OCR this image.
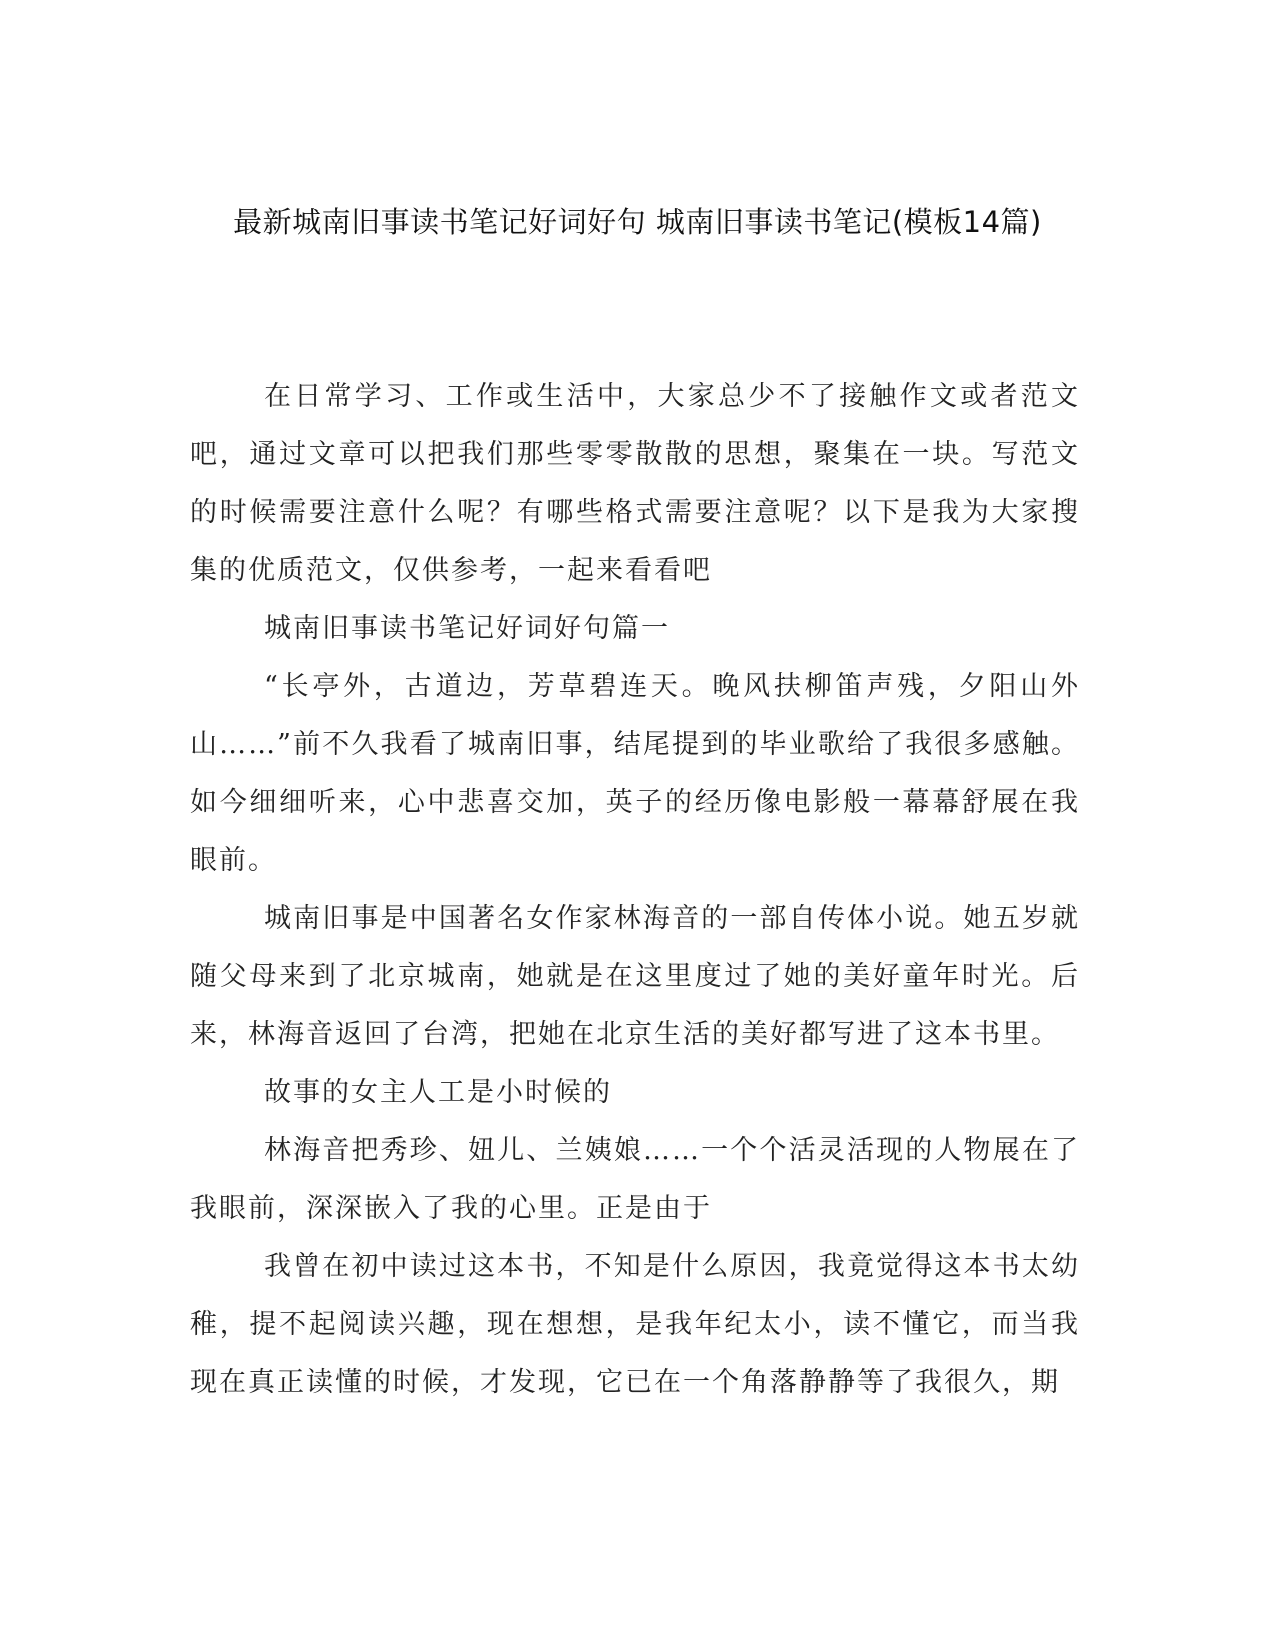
最新城南旧事读书笔记好词好句 城南旧事读书笔记(模板14篇)

在日常学习、工作或生活中，大家总少不了接触作文或者范文吧，通过文章可以把我们那些零零散散的思想，聚集在一块。写范文的时候需要注意什么呢？有哪些格式需要注意呢？以下是我为大家搜集的优质范文，仅供参考，一起来看看吧

城南旧事读书笔记好词好句篇一

“长亭外，古道边，芳草碧连天。晚风扶柳笛声残，夕阳山外山……”前不久我看了城南旧事，结尾提到的毕业歌给了我很多感触。如今细细听来，心中悲喜交加，英子的经历像电影般一幕幕舒展在我眼前。

城南旧事是中国著名女作家林海音的一部自传体小说。她五岁就随父母来到了北京城南，她就是在这里度过了她的美好童年时光。后来，林海音返回了台湾，把她在北京生活的美好都写进了这本书里。

故事的女主人工是小时候的

林海音把秀珍、妞儿、兰姨娘……一个个活灵活现的人物展在了我眼前，深深嵌入了我的心里。正是由于

我曾在初中读过这本书，不知是什么原因，我竟觉得这本书太幼稚，提不起阅读兴趣，现在想想，是我年纪太小，读不懂它，而当我现在真正读懂的时候，才发现，它已在一个角落静静等了我很久，期
